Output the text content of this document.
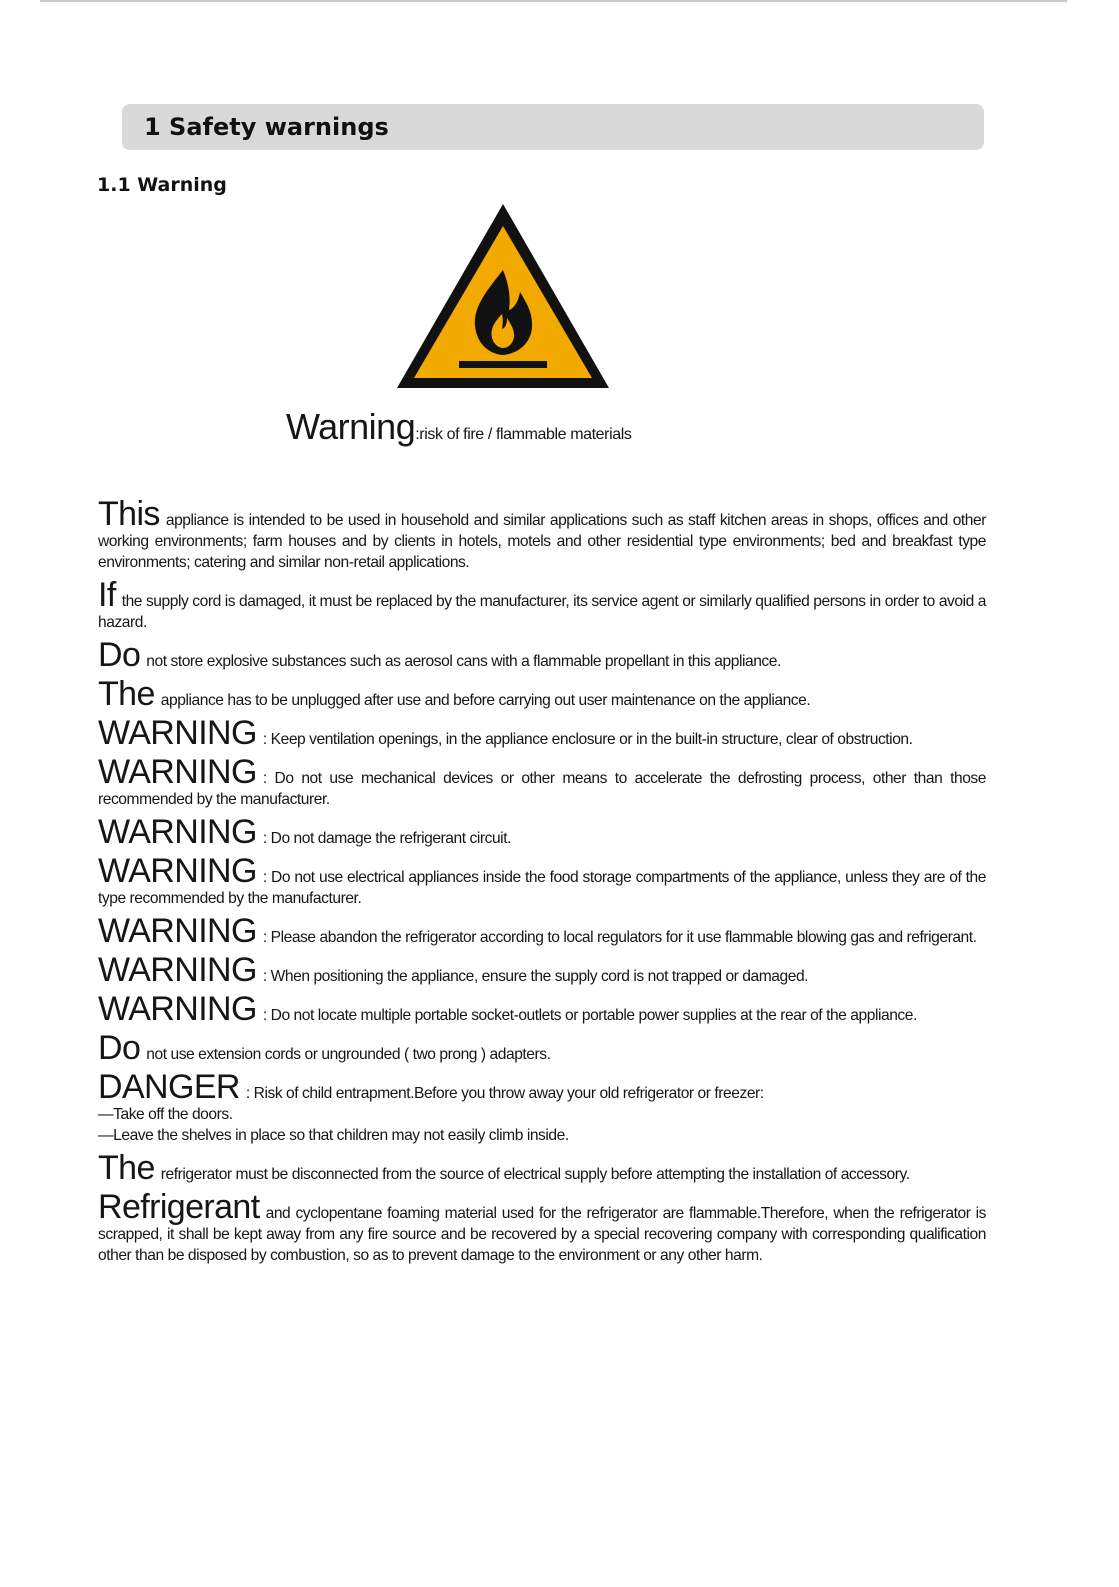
1 Safety warnings
1.1 Warning
Warning:risk of fire / flammable materials
This appliance is intended to be used in household and similar applications such as staff kitchen areas in shops, offices and other working environments; farm houses and by clients in hotels, motels and other residential type environments; bed and breakfast type environments; catering and similar non-retail applications.
If the supply cord is damaged, it must be replaced by the manufacturer, its service agent or similarly qualified persons in order to avoid a hazard.
Do not store explosive substances such as aerosol cans with a flammable propellant in this appliance.
The appliance has to be unplugged after use and before carrying out user maintenance on the appliance.
WARNING : Keep ventilation openings, in the appliance enclosure or in the built-in structure, clear of obstruction.
WARNING : Do not use mechanical devices or other means to accelerate the defrosting process, other than those recommended by the manufacturer.
WARNING : Do not damage the refrigerant circuit.
WARNING : Do not use electrical appliances inside the food storage compartments of the appliance, unless they are of the type recommended by the manufacturer.
WARNING : Please abandon the refrigerator according to local regulators for it use flammable blowing gas and refrigerant.
WARNING : When positioning the appliance, ensure the supply cord is not trapped or damaged.
WARNING : Do not locate multiple portable socket-outlets or portable power supplies at the rear of the appliance.
Do not use extension cords or ungrounded ( two prong ) adapters.
DANGER : Risk of child entrapment.Before you throw away your old refrigerator or freezer:
—Take off the doors.
—Leave the shelves in place so that children may not easily climb inside.
The refrigerator must be disconnected from the source of electrical supply before attempting the installation of accessory.
Refrigerant and cyclopentane foaming material used for the refrigerator are flammable.Therefore, when the refrigerator is scrapped, it shall be kept away from any fire source and be recovered by a special recovering company with corresponding qualification other than be disposed by combustion, so as to prevent damage to the environment or any other harm.
